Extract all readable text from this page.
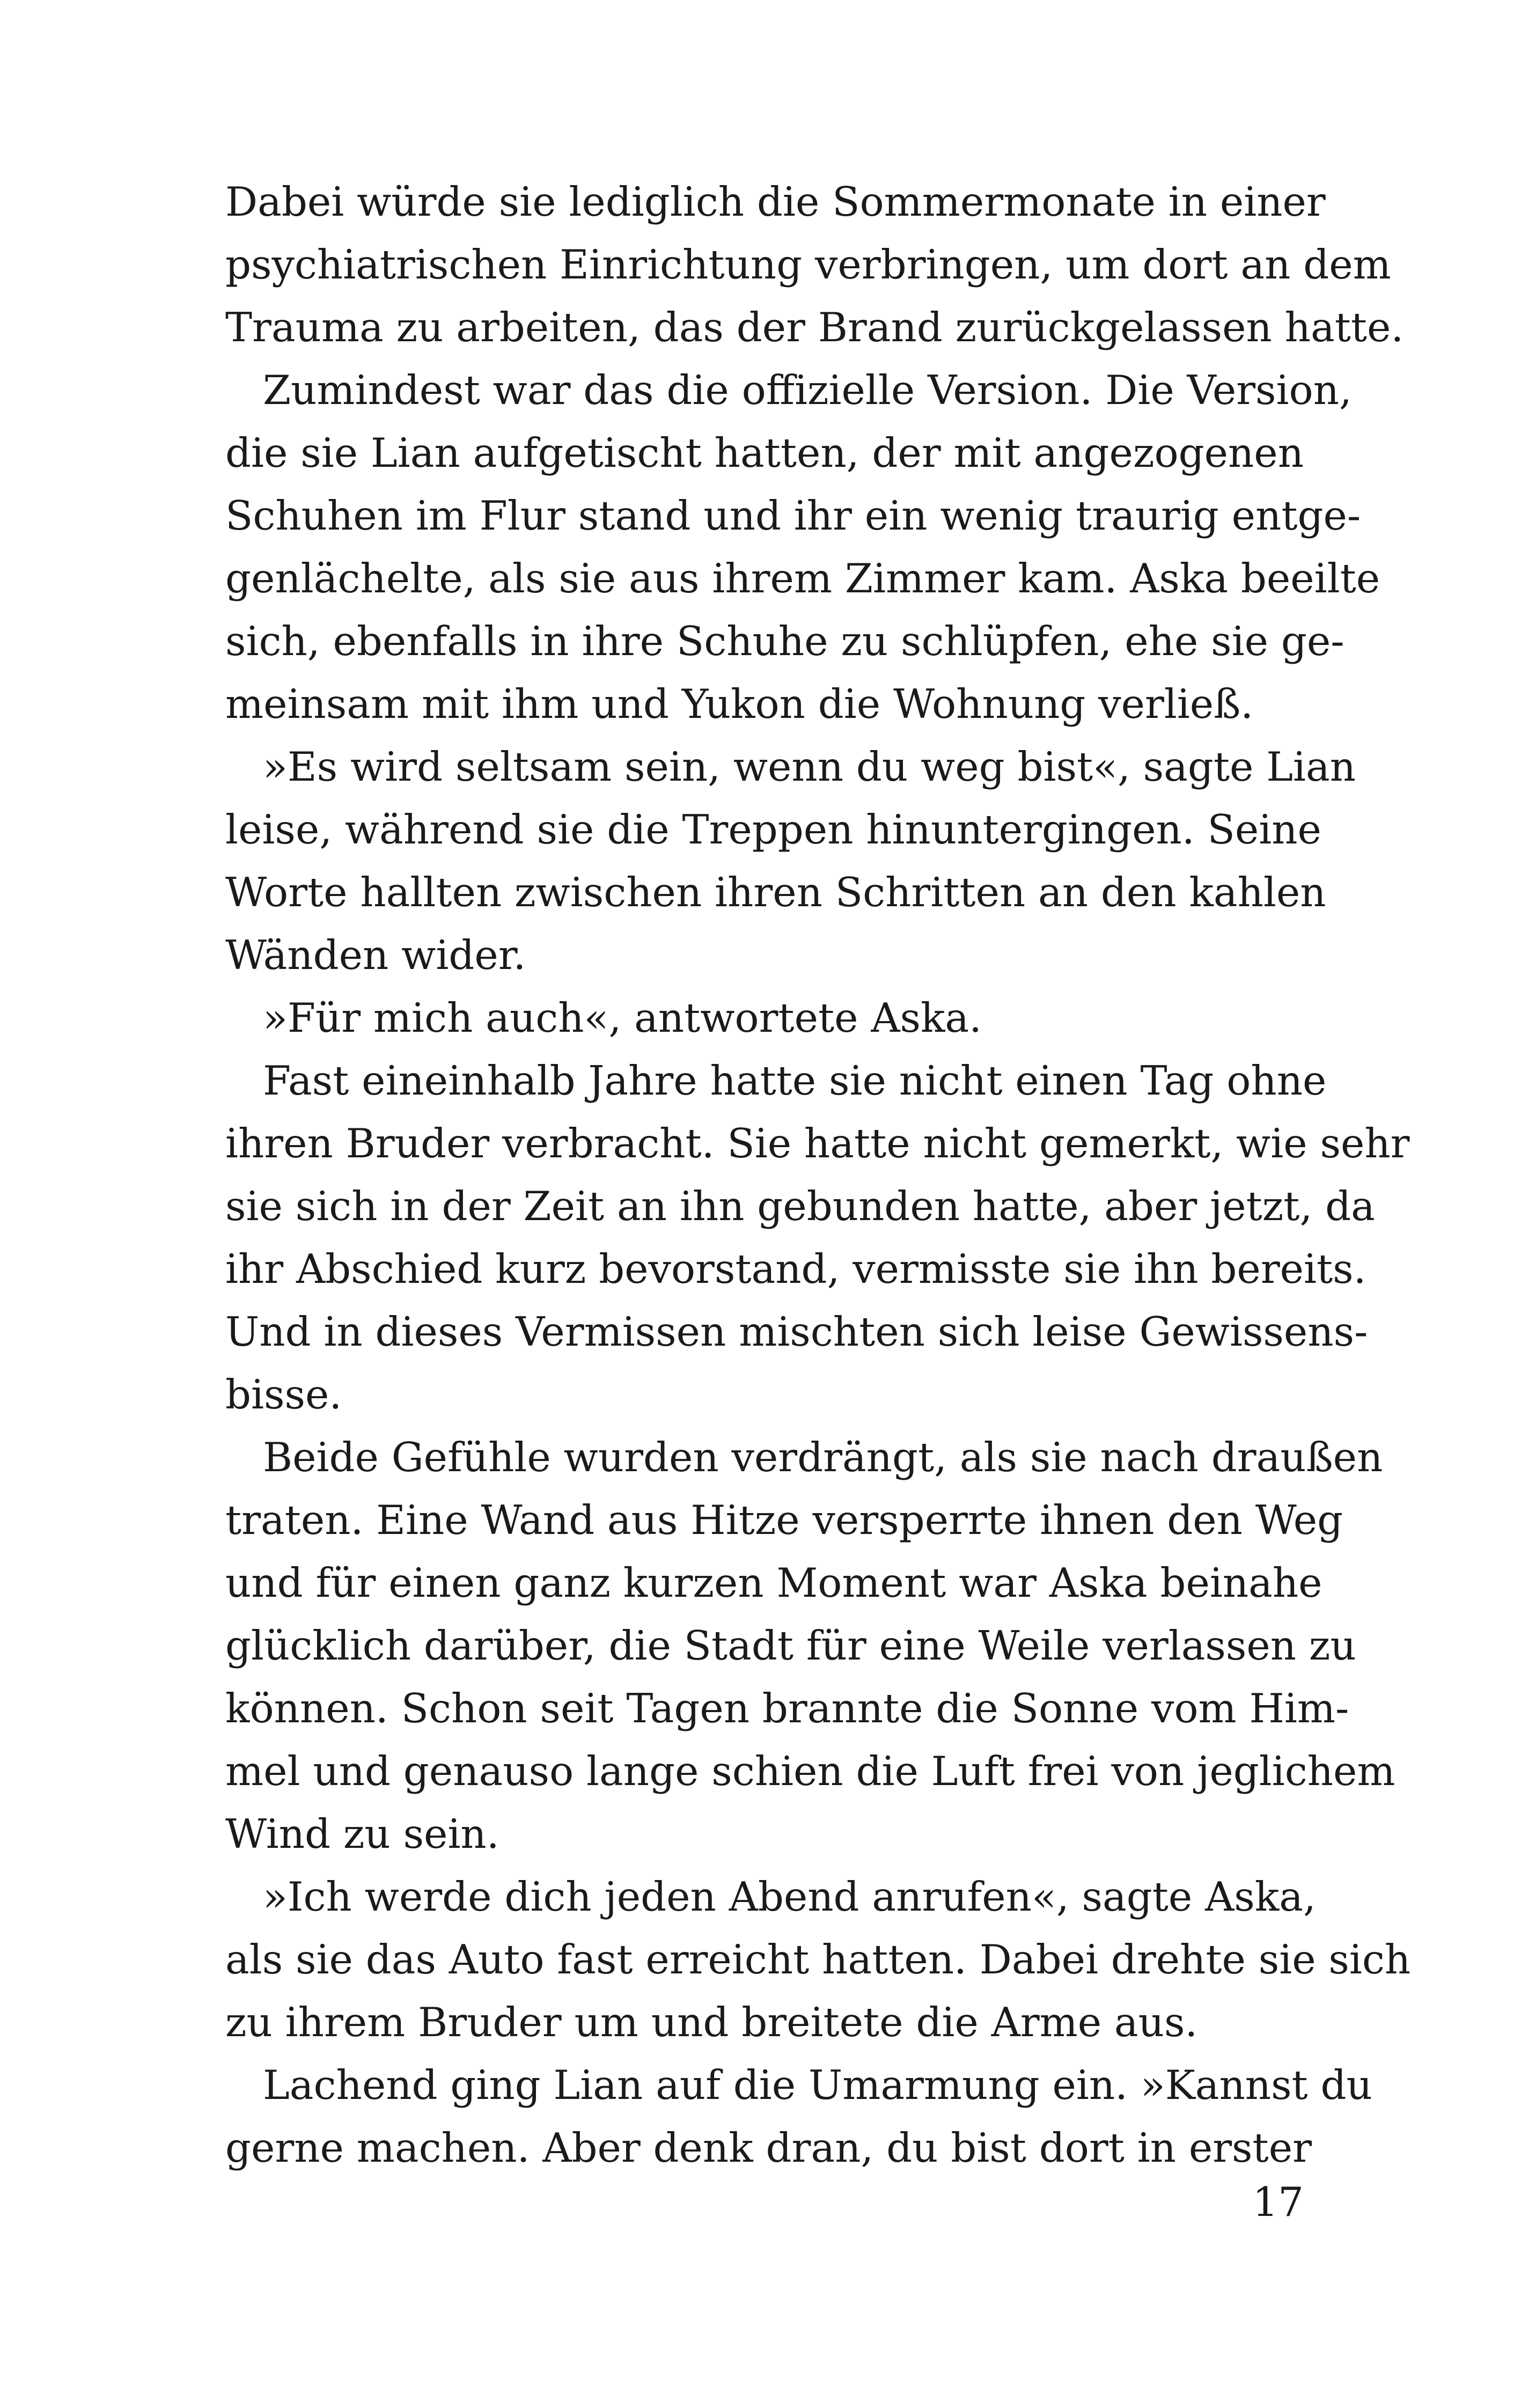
Dabei würde sie lediglich die Sommermonate in einer
psychiatrischen Einrichtung verbringen, um dort an dem
Trauma zu arbeiten, das der Brand zurückgelassen hatte.
Zumindest war das die offizielle Version. Die Version,
die sie Lian aufgetischt hatten, der mit angezogenen
Schuhen im Flur stand und ihr ein wenig traurig entge-
genlächelte, als sie aus ihrem Zimmer kam. Aska beeilte
sich, ebenfalls in ihre Schuhe zu schlüpfen, ehe sie ge-
meinsam mit ihm und Yukon die Wohnung verließ.
»Es wird seltsam sein, wenn du weg bist«, sagte Lian
leise, während sie die Treppen hinuntergingen. Seine
Worte hallten zwischen ihren Schritten an den kahlen
Wänden wider.
»Für mich auch«, antwortete Aska.
Fast eineinhalb Jahre hatte sie nicht einen Tag ohne
ihren Bruder verbracht. Sie hatte nicht gemerkt, wie sehr
sie sich in der Zeit an ihn gebunden hatte, aber jetzt, da
ihr Abschied kurz bevorstand, vermisste sie ihn bereits.
Und in dieses Vermissen mischten sich leise Gewissens-
bisse.
Beide Gefühle wurden verdrängt, als sie nach draußen
traten. Eine Wand aus Hitze versperrte ihnen den Weg
und für einen ganz kurzen Moment war Aska beinahe
glücklich darüber, die Stadt für eine Weile verlassen zu
können. Schon seit Tagen brannte die Sonne vom Him-
mel und genauso lange schien die Luft frei von jeglichem
Wind zu sein.
»Ich werde dich jeden Abend anrufen«, sagte Aska,
als sie das Auto fast erreicht hatten. Dabei drehte sie sich
zu ihrem Bruder um und breitete die Arme aus.
Lachend ging Lian auf die Umarmung ein. »Kannst du
gerne machen. Aber denk dran, du bist dort in erster
17
